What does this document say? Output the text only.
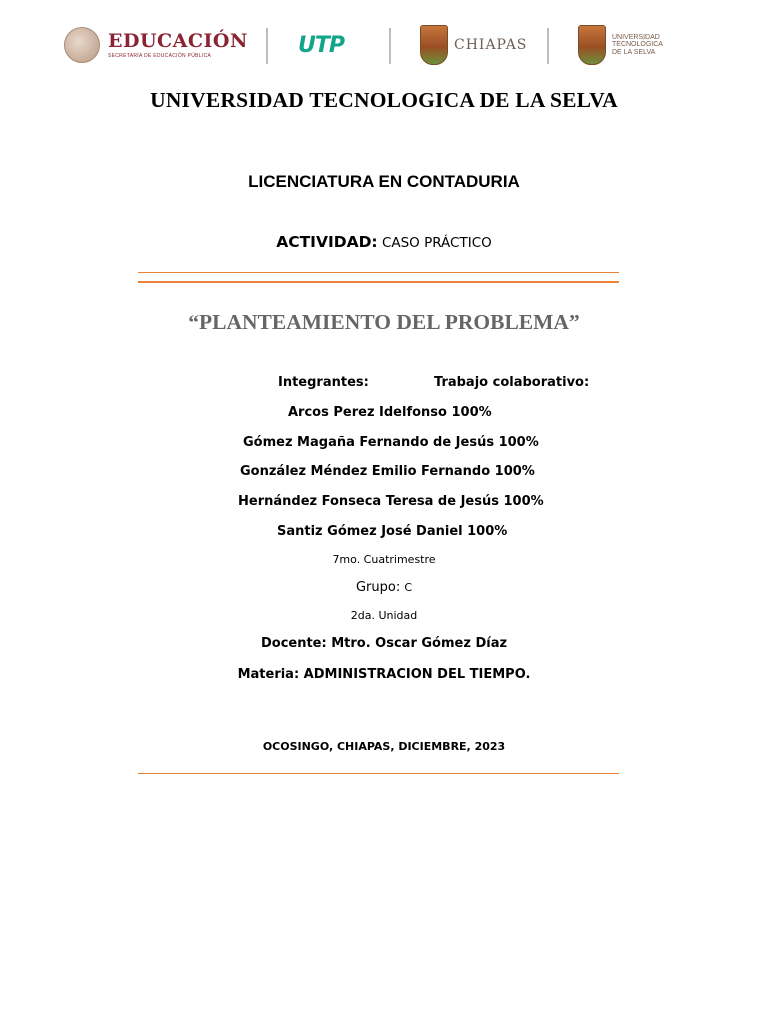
EDUCACIÓN
SECRETARÍA DE EDUCACIÓN PÚBLICA	UTP	CHIAPAS	UNIVERSIDAD
TECNOLÓGICA
DE LA SELVA
UNIVERSIDAD TECNOLOGICA DE LA SELVA
LICENCIATURA EN CONTADURIA
ACTIVIDAD: CASO PRÁCTICO
“PLANTEAMIENTO DEL PROBLEMA”
Integrantes:	Trabajo colaborativo:
Arcos Perez Idelfonso 100%
Gómez Magaña Fernando de Jesús 100%
González Méndez Emilio Fernando 100%
Hernández Fonseca Teresa de Jesús 100%
Santiz Gómez José Daniel 100%
7mo. Cuatrimestre
Grupo: C
2da. Unidad
Docente: Mtro. Oscar Gómez Díaz
Materia: ADMINISTRACION DEL TIEMPO.
OCOSINGO, CHIAPAS, DICIEMBRE, 2023
